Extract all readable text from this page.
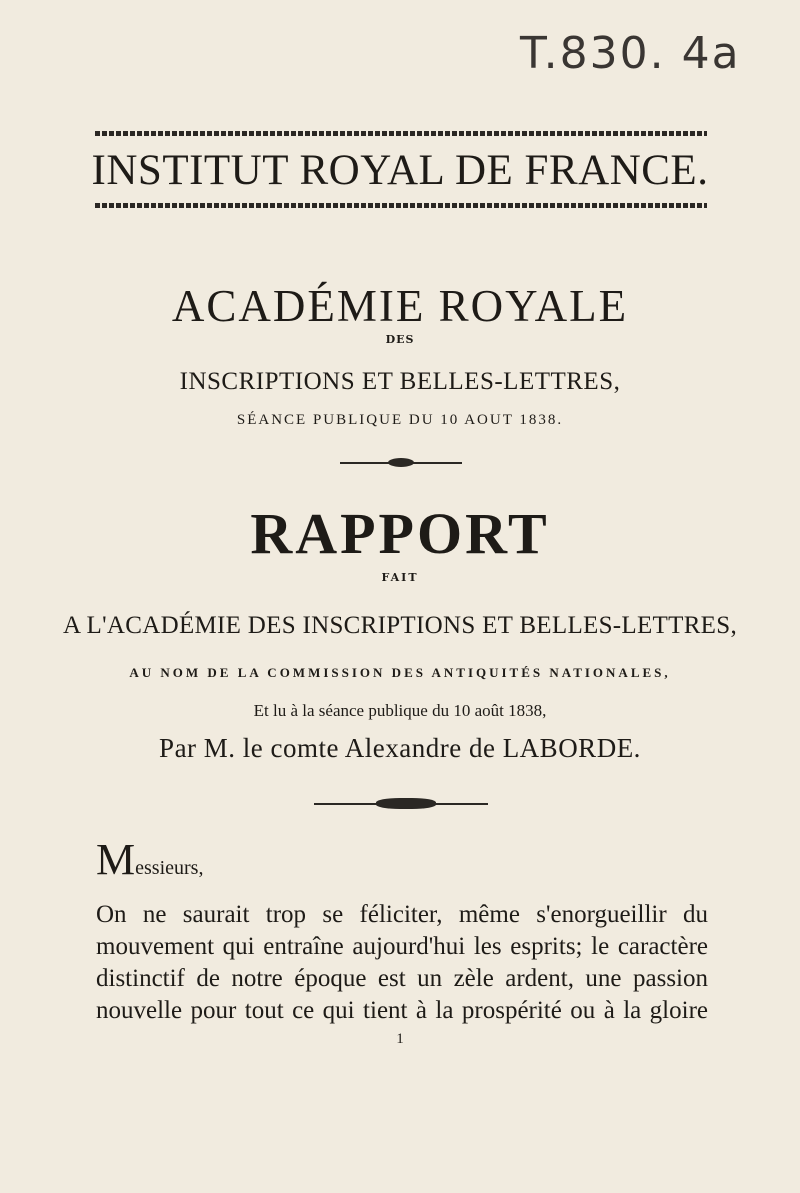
T.830. 4a
INSTITUT ROYAL DE FRANCE.
ACADÉMIE ROYALE
DES
INSCRIPTIONS ET BELLES-LETTRES,
SÉANCE PUBLIQUE DU 10 AOUT 1838.
RAPPORT
FAIT
A L'ACADÉMIE DES INSCRIPTIONS ET BELLES-LETTRES,
AU NOM DE LA COMMISSION DES ANTIQUITÉS NATIONALES,
Et lu à la séance publique du 10 août 1838,
Par M. le comte Alexandre de LABORDE.
Messieurs,
On ne saurait trop se féliciter, même s'enorgueillir du
mouvement qui entraîne aujourd'hui les esprits; le caractère
distinctif de notre époque est un zèle ardent, une passion
nouvelle pour tout ce qui tient à la prospérité ou à la gloire
1
